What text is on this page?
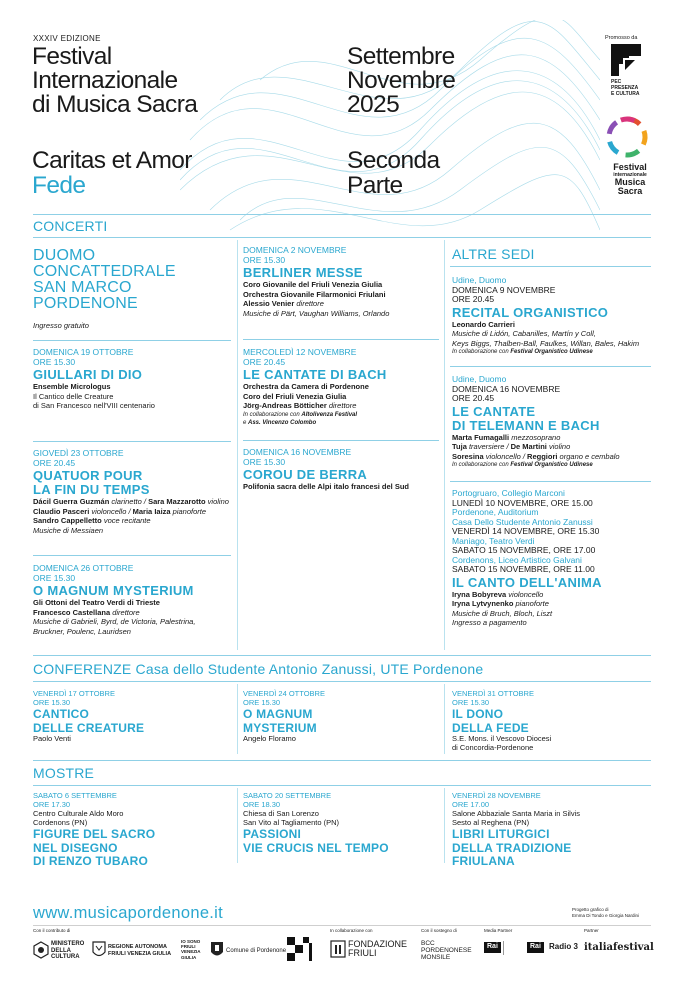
XXXIV EDIZIONE
Festival
Internazionale
di Musica Sacra
Settembre
Novembre
2025
Caritas et Amor
Fede
Seconda
Parte
Promosso da
PEC
PRESENZA
E CULTURA
Festival
internazionale
Musica
Sacra
CONCERTI
DUOMO
CONCATTEDRALE
SAN MARCO
PORDENONE
Ingresso gratuito
DOMENICA 19 OTTOBRE
ORE 15.30
GIULLARI DI DIO
Ensemble Micrologus
Il Cantico delle Creature
di San Francesco nell'VIII centenario
GIOVEDÌ 23 OTTOBRE
ORE 20.45
QUATUOR POUR
LA FIN DU TEMPS
Dácil Guerra Guzmán clarinetto / Sara Mazzarotto violino
Claudio Pasceri violoncello / Maria Iaiza pianoforte
Sandro Cappelletto voce recitante
Musiche di Messiaen
DOMENICA 26 OTTOBRE
ORE 15.30
O MAGNUM MYSTERIUM
Gli Ottoni del Teatro Verdi di Trieste
Francesco Castellana direttore
Musiche di Gabrieli, Byrd, de Victoria, Palestrina,
Bruckner, Poulenc, Lauridsen
DOMENICA 2 NOVEMBRE
ORE 15.30
BERLINER MESSE
Coro Giovanile del Friuli Venezia Giulia
Orchestra Giovanile Filarmonici Friulani
Alessio Venier direttore
Musiche di Pärt, Vaughan Williams, Orlando
MERCOLEDÌ 12 NOVEMBRE
ORE 20.45
LE CANTATE DI BACH
Orchestra da Camera di Pordenone
Coro del Friuli Venezia Giulia
Jörg-Andreas Bötticher direttore
In collaborazione con Altolivenza Festival
e Ass. Vincenzo Colombo
DOMENICA 16 NOVEMBRE
ORE 15.30
COROU DE BERRA
Polifonia sacra delle Alpi italo francesi del Sud
ALTRE SEDI
Udine, Duomo
DOMENICA 9 NOVEMBRE
ORE 20.45
RECITAL ORGANISTICO
Leonardo Carrieri
Musiche di Lidón, Cabanilles, Martín y Coll,
Keys Biggs, Thalben-Ball, Faulkes, Willan, Bales, Hakim
In collaborazione con Festival Organistico Udinese
Udine, Duomo
DOMENICA 16 NOVEMBRE
ORE 20.45
LE CANTATE
DI TELEMANN E BACH
Marta Fumagalli mezzosoprano
Tuja traversiere / De Martini violino
Soresina violoncello / Reggiori organo e cembalo
In collaborazione con Festival Organistico Udinese
Portogruaro, Collegio Marconi
LUNEDÌ 10 NOVEMBRE, ORE 15.00
Pordenone, Auditorium
Casa Dello Studente Antonio Zanussi
VENERDÌ 14 NOVEMBRE, ORE 15.30
Maniago, Teatro Verdi
SABATO 15 NOVEMBRE, ORE 17.00
Cordenons, Liceo Artistico Galvani
SABATO 15 NOVEMBRE, ORE 11.00
IL CANTO DELL'ANIMA
Iryna Bobyreva violoncello
Iryna Lytvynenko pianoforte
Musiche di Bruch, Bloch, Liszt
Ingresso a pagamento
CONFERENZE Casa dello Studente Antonio Zanussi, UTE Pordenone
VENERDÌ 17 OTTOBRE
ORE 15.30
CANTICO
DELLE CREATURE
Paolo Venti
VENERDÌ 24 OTTOBRE
ORE 15.30
O MAGNUM
MYSTERIUM
Angelo Floramo
VENERDÌ 31 OTTOBRE
ORE 15.30
IL DONO
DELLA FEDE
S.E. Mons. il Vescovo Diocesi
di Concordia-Pordenone
MOSTRE
SABATO 6 SETTEMBRE
ORE 17.30
Centro Culturale Aldo Moro
Cordenons (PN)
FIGURE DEL SACRO
NEL DISEGNO
DI RENZO TUBARO
SABATO 20 SETTEMBRE
ORE 18.30
Chiesa di San Lorenzo
San Vito al Tagliamento (PN)
PASSIONI
VIE CRUCIS NEL TEMPO
VENERDÌ 28 NOVEMBRE
ORE 17.00
Salone Abbaziale Santa Maria in Silvis
Sesto al Reghena (PN)
LIBRI LITURGICI
DELLA TRADIZIONE
FRIULANA
www.musicapordenone.it	Progetto grafico di
Emma Di Tondo e Giorgia Nardini
Con il contributo di	In collaborazione con	Con il sostegno di	Media Partner	Partner
MINISTERO
DELLA
CULTURA
REGIONE AUTONOMA
FRIULI VENEZIA GIULIA
IO SONO
FRIULI
VENEZIA
GIULIA
Comune di Pordenone
FONDAZIONE
FRIULI
BCC
PORDENONESE
MONSILE
Rai	Rai	Radio 3 italiafestival
